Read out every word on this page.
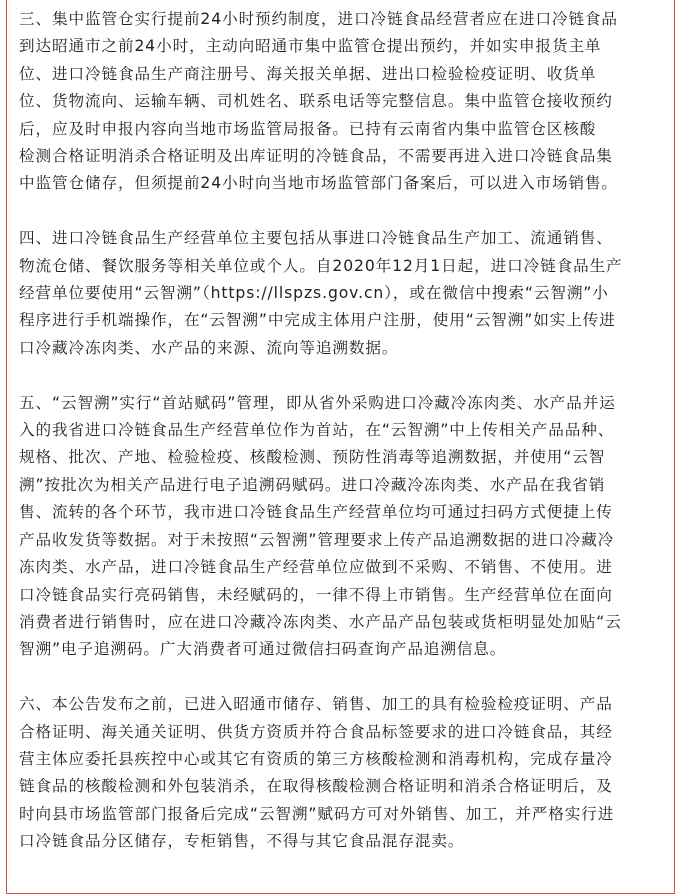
三、集中监管仓实行提前24小时预约制度，进口冷链食品经营者应在进口冷链食品
到达昭通市之前24小时，主动向昭通市集中监管仓提出预约，并如实申报货主单
位、进口冷链食品生产商注册号、海关报关单据、进出口检验检疫证明、收货单
位、货物流向、运输车辆、司机姓名、联系电话等完整信息。集中监管仓接收预约
后，应及时申报内容向当地市场监管局报备。已持有云南省内集中监管仓区核酸
检测合格证明消杀合格证明及出库证明的冷链食品，不需要再进入进口冷链食品集
中监管仓储存，但须提前24小时向当地市场监管部门备案后，可以进入市场销售。

四、进口冷链食品生产经营单位主要包括从事进口冷链食品生产加工、流通销售、
物流仓储、餐饮服务等相关单位或个人。自2020年12月1日起，进口冷链食品生产
经营单位要使用“云智溯”（https://llspzs.gov.cn），或在微信中搜索“云智溯”小
程序进行手机端操作，在“云智溯”中完成主体用户注册，使用“云智溯”如实上传进
口冷藏冷冻肉类、水产品的来源、流向等追溯数据。

五、“云智溯”实行“首站赋码”管理，即从省外采购进口冷藏冷冻肉类、水产品并运
入的我省进口冷链食品生产经营单位作为首站，在“云智溯”中上传相关产品品种、
规格、批次、产地、检验检疫、核酸检测、预防性消毒等追溯数据，并使用“云智
溯”按批次为相关产品进行电子追溯码赋码。进口冷藏冷冻肉类、水产品在我省销
售、流转的各个环节，我市进口冷链食品生产经营单位均可通过扫码方式便捷上传
产品收发货等数据。对于未按照“云智溯”管理要求上传产品追溯数据的进口冷藏冷
冻肉类、水产品，进口冷链食品生产经营单位应做到不采购、不销售、不使用。进
口冷链食品实行亮码销售，未经赋码的，一律不得上市销售。生产经营单位在面向
消费者进行销售时，应在进口冷藏冷冻肉类、水产品产品包装或货柜明显处加贴“云
智溯”电子追溯码。广大消费者可通过微信扫码查询产品追溯信息。

六、本公告发布之前，已进入昭通市储存、销售、加工的具有检验检疫证明、产品
合格证明、海关通关证明、供货方资质并符合食品标签要求的进口冷链食品，其经
营主体应委托县疾控中心或其它有资质的第三方核酸检测和消毒机构，完成存量冷
链食品的核酸检测和外包装消杀，在取得核酸检测合格证明和消杀合格证明后，及
时向县市场监管部门报备后完成“云智溯”赋码方可对外销售、加工，并严格实行进
口冷链食品分区储存，专柜销售，不得与其它食品混存混卖。
